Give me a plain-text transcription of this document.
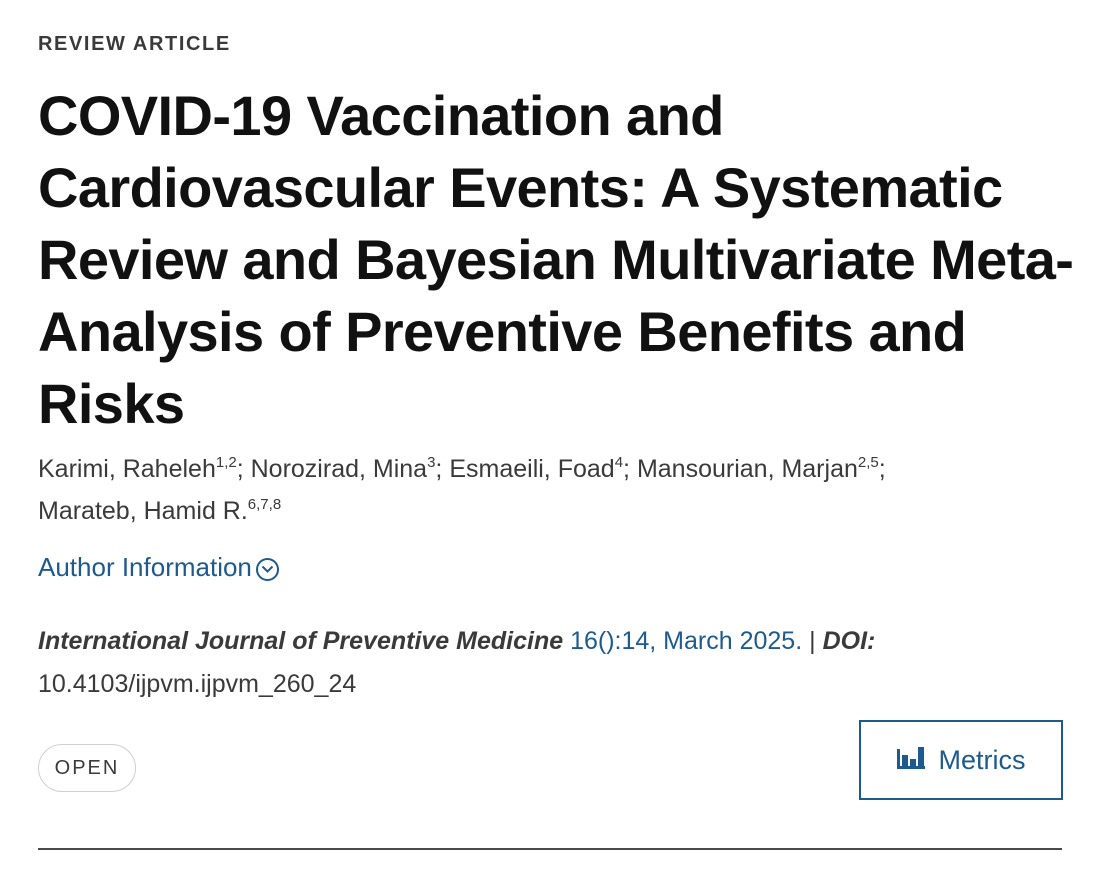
REVIEW ARTICLE
COVID-19 Vaccination and Cardiovascular Events: A Systematic Review and Bayesian Multivariate Meta-Analysis of Preventive Benefits and Risks
Karimi, Raheleh$^{1,2}$; Norozirad, Mina$^3$; Esmaeili, Foad$^4$; Mansourian, Marjan$^{2,5}$;
Marateb, Hamid R.$^{6,7,8}$
Author Information
International Journal of Preventive Medicine 16():14, March 2025. | DOI:
10.4103/ijpvm.ijpvm_260_24
OPEN	Metrics
